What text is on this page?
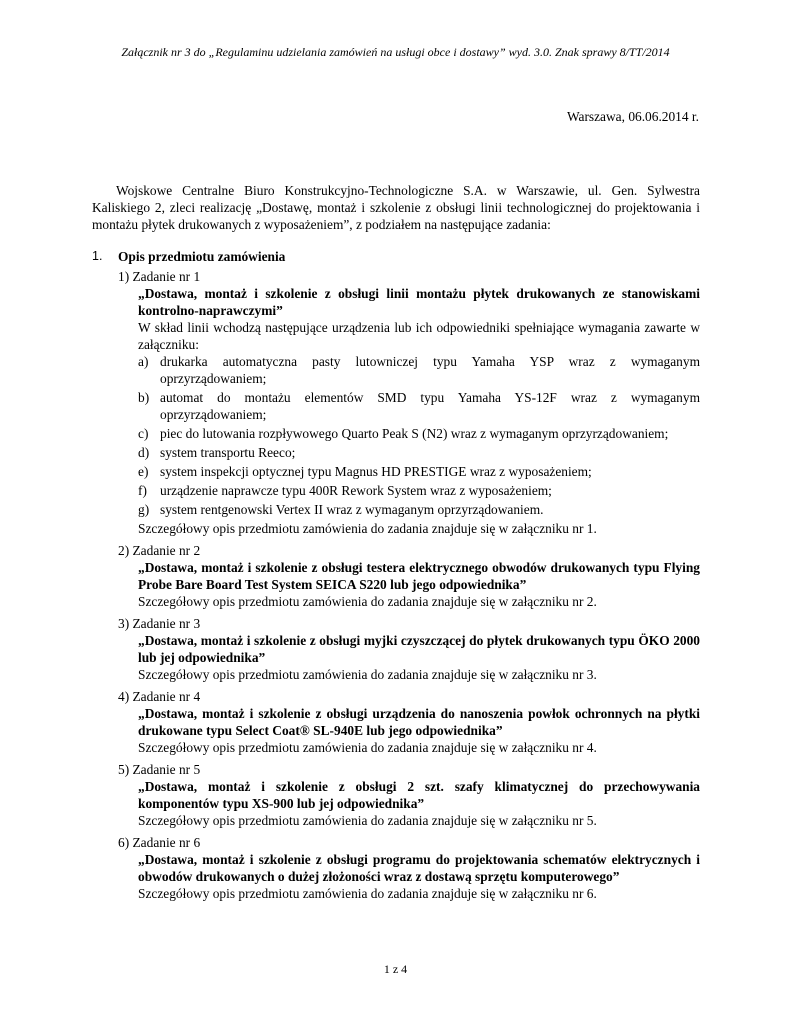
Załącznik nr 3 do „Regulaminu udzielania zamówień na usługi obce i dostawy” wyd. 3.0. Znak sprawy 8/TT/2014
Warszawa, 06.06.2014 r.

Wojskowe Centralne Biuro Konstrukcyjno-Technologiczne S.A. w Warszawie, ul. Gen. Sylwestra Kaliskiego 2, zleci realizację „Dostawę, montaż i szkolenie z obsługi linii technologicznej do projektowania i montażu płytek drukowanych z wyposażeniem”, z podziałem na następujące zadania:

1.	Opis przedmiotu zamówienia
1) Zadanie nr 1
„Dostawa, montaż i szkolenie z obsługi linii montażu płytek drukowanych ze stanowiskami kontrolno-naprawczymi”
W skład linii wchodzą następujące urządzenia lub ich odpowiedniki spełniające wymagania zawarte w załączniku:
a) drukarka automatyczna pasty lutowniczej typu Yamaha YSP wraz z wymaganym oprzyrządowaniem;
b) automat do montażu elementów SMD typu Yamaha YS-12F wraz z wymaganym oprzyrządowaniem;
c) piec do lutowania rozpływowego Quarto Peak S (N2) wraz z wymaganym oprzyrządowaniem;
d) system transportu Reeco;
e) system inspekcji optycznej typu Magnus HD PRESTIGE wraz z wyposażeniem;
f) urządzenie naprawcze typu 400R Rework System wraz z wyposażeniem;
g) system rentgenowski Vertex II wraz z wymaganym oprzyrządowaniem.
Szczegółowy opis przedmiotu zamówienia do zadania znajduje się w załączniku nr 1.
2) Zadanie nr 2
„Dostawa, montaż i szkolenie z obsługi testera elektrycznego obwodów drukowanych typu Flying Probe Bare Board Test System SEICA S220 lub jego odpowiednika”
Szczegółowy opis przedmiotu zamówienia do zadania znajduje się w załączniku nr 2.
3) Zadanie nr 3
„Dostawa, montaż i szkolenie z obsługi myjki czyszczącej do płytek drukowanych typu ÖKO 2000 lub jej odpowiednika”
Szczegółowy opis przedmiotu zamówienia do zadania znajduje się w załączniku nr 3.
4) Zadanie nr 4
„Dostawa, montaż i szkolenie z obsługi urządzenia do nanoszenia powłok ochronnych na płytki drukowane typu Select Coat® SL-940E lub jego odpowiednika”
Szczegółowy opis przedmiotu zamówienia do zadania znajduje się w załączniku nr 4.
5) Zadanie nr 5
„Dostawa, montaż i szkolenie z obsługi 2 szt. szafy klimatycznej do przechowywania komponentów typu XS-900 lub jej odpowiednika”
Szczegółowy opis przedmiotu zamówienia do zadania znajduje się w załączniku nr 5.
6) Zadanie nr 6
„Dostawa, montaż i szkolenie z obsługi programu do projektowania schematów elektrycznych i obwodów drukowanych o dużej złożoności wraz z dostawą sprzętu komputerowego”
Szczegółowy opis przedmiotu zamówienia do zadania znajduje się w załączniku nr 6.
1 z 4
